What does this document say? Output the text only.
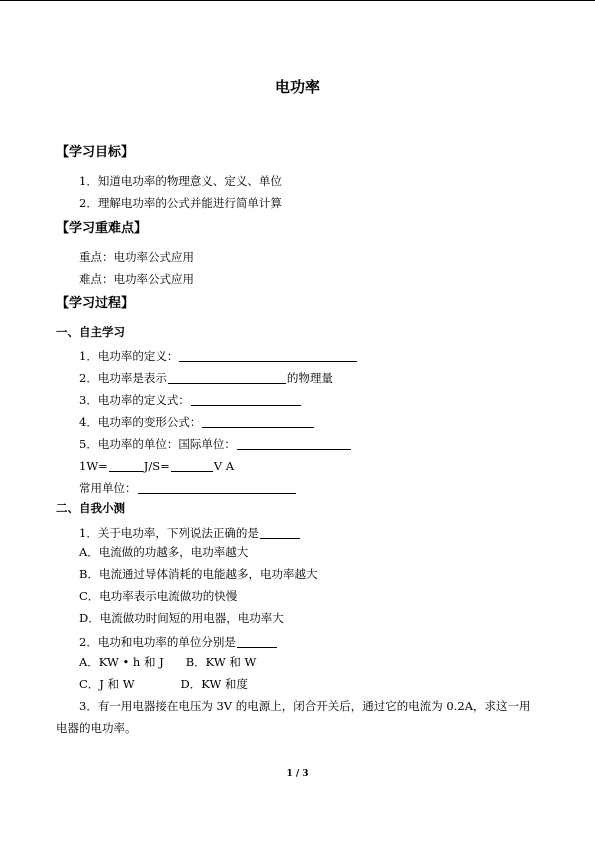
电功率
【学习目标】
1．知道电功率的物理意义、定义、单位
2．理解电功率的公式并能进行简单计算
【学习重难点】
重点：电功率公式应用
难点：电功率公式应用
【学习过程】
一、自主学习
1．电功率的定义：
2．电功率是表示	的物理量
3．电功率的定义式：
4．电功率的变形公式：
5．电功率的单位：国际单位：
1W=	J/S=	V A
常用单位：
二、自我小测
1．关于电功率，下列说法正确的是
A．电流做的功越多，电功率越大
B．电流通过导体消耗的电能越多，电功率越大
C．电功率表示电流做功的快慢
D．电流做功时间短的用电器，电功率大
2．电功和电功率的单位分别是
A．KW • h 和 J B．KW 和 W
C．J 和 W	D．KW 和度
3．有一用电器接在电压为 3V 的电源上，闭合开关后，通过它的电流为 0.2A，求这一用
电器的电功率。
1 / 3
